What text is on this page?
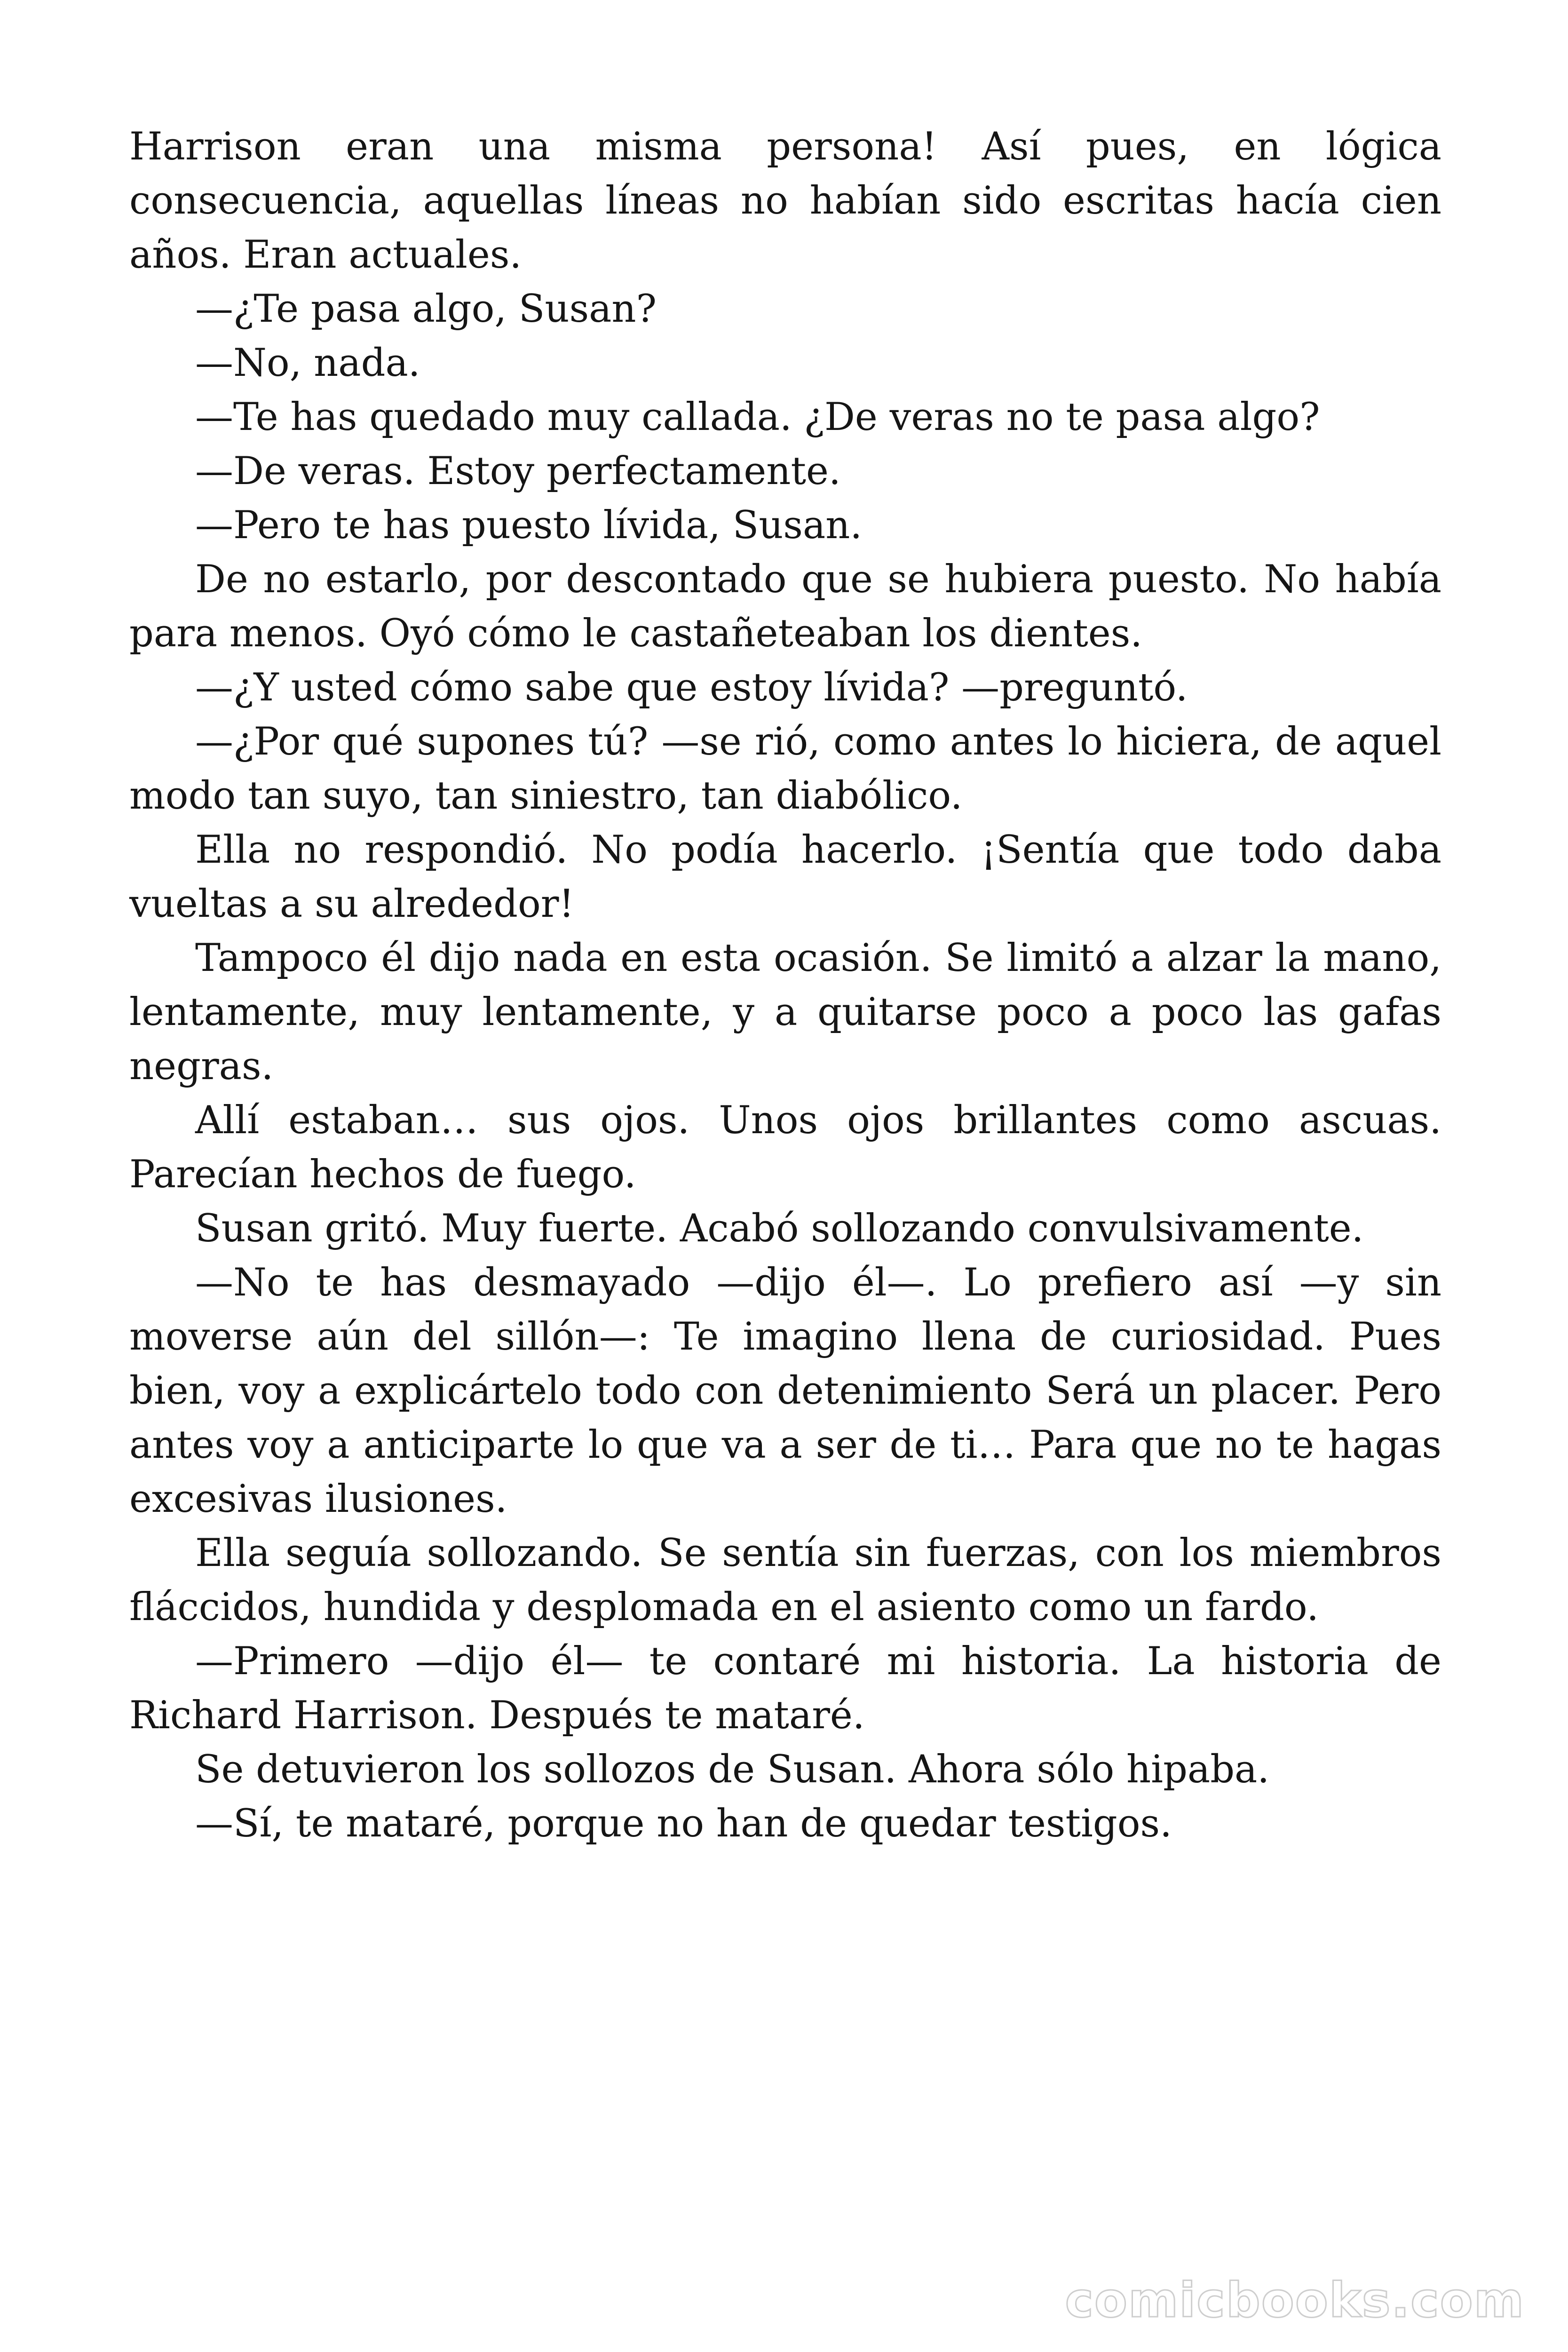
Harrison eran una misma persona! Así pues, en lógica consecuencia, aquellas líneas no habían sido escritas hacía cien años. Eran actuales.

—¿Te pasa algo, Susan?

—No, nada.

—Te has quedado muy callada. ¿De veras no te pasa algo?

—De veras. Estoy perfectamente.

—Pero te has puesto lívida, Susan.

De no estarlo, por descontado que se hubiera puesto. No había para menos. Oyó cómo le castañeteaban los dientes.

—¿Y usted cómo sabe que estoy lívida? —preguntó.

—¿Por qué supones tú? —se rió, como antes lo hiciera, de aquel modo tan suyo, tan siniestro, tan diabólico.

Ella no respondió. No podía hacerlo. ¡Sentía que todo daba vueltas a su alrededor!

Tampoco él dijo nada en esta ocasión. Se limitó a alzar la mano, lentamente, muy lentamente, y a quitarse poco a poco las gafas negras.

Allí estaban… sus ojos. Unos ojos brillantes como ascuas. Parecían hechos de fuego.

Susan gritó. Muy fuerte. Acabó sollozando convulsivamente.

—No te has desmayado —dijo él—. Lo prefiero así —y sin moverse aún del sillón—: Te imagino llena de curiosidad. Pues bien, voy a explicártelo todo con detenimiento Será un placer. Pero antes voy a anticiparte lo que va a ser de ti… Para que no te hagas excesivas ilusiones.

Ella seguía sollozando. Se sentía sin fuerzas, con los miembros fláccidos, hundida y desplomada en el asiento como un fardo.

—Primero —dijo él— te contaré mi historia. La historia de Richard Harrison. Después te mataré.

Se detuvieron los sollozos de Susan. Ahora sólo hipaba.

—Sí, te mataré, porque no han de quedar testigos.

comicbooks.com
